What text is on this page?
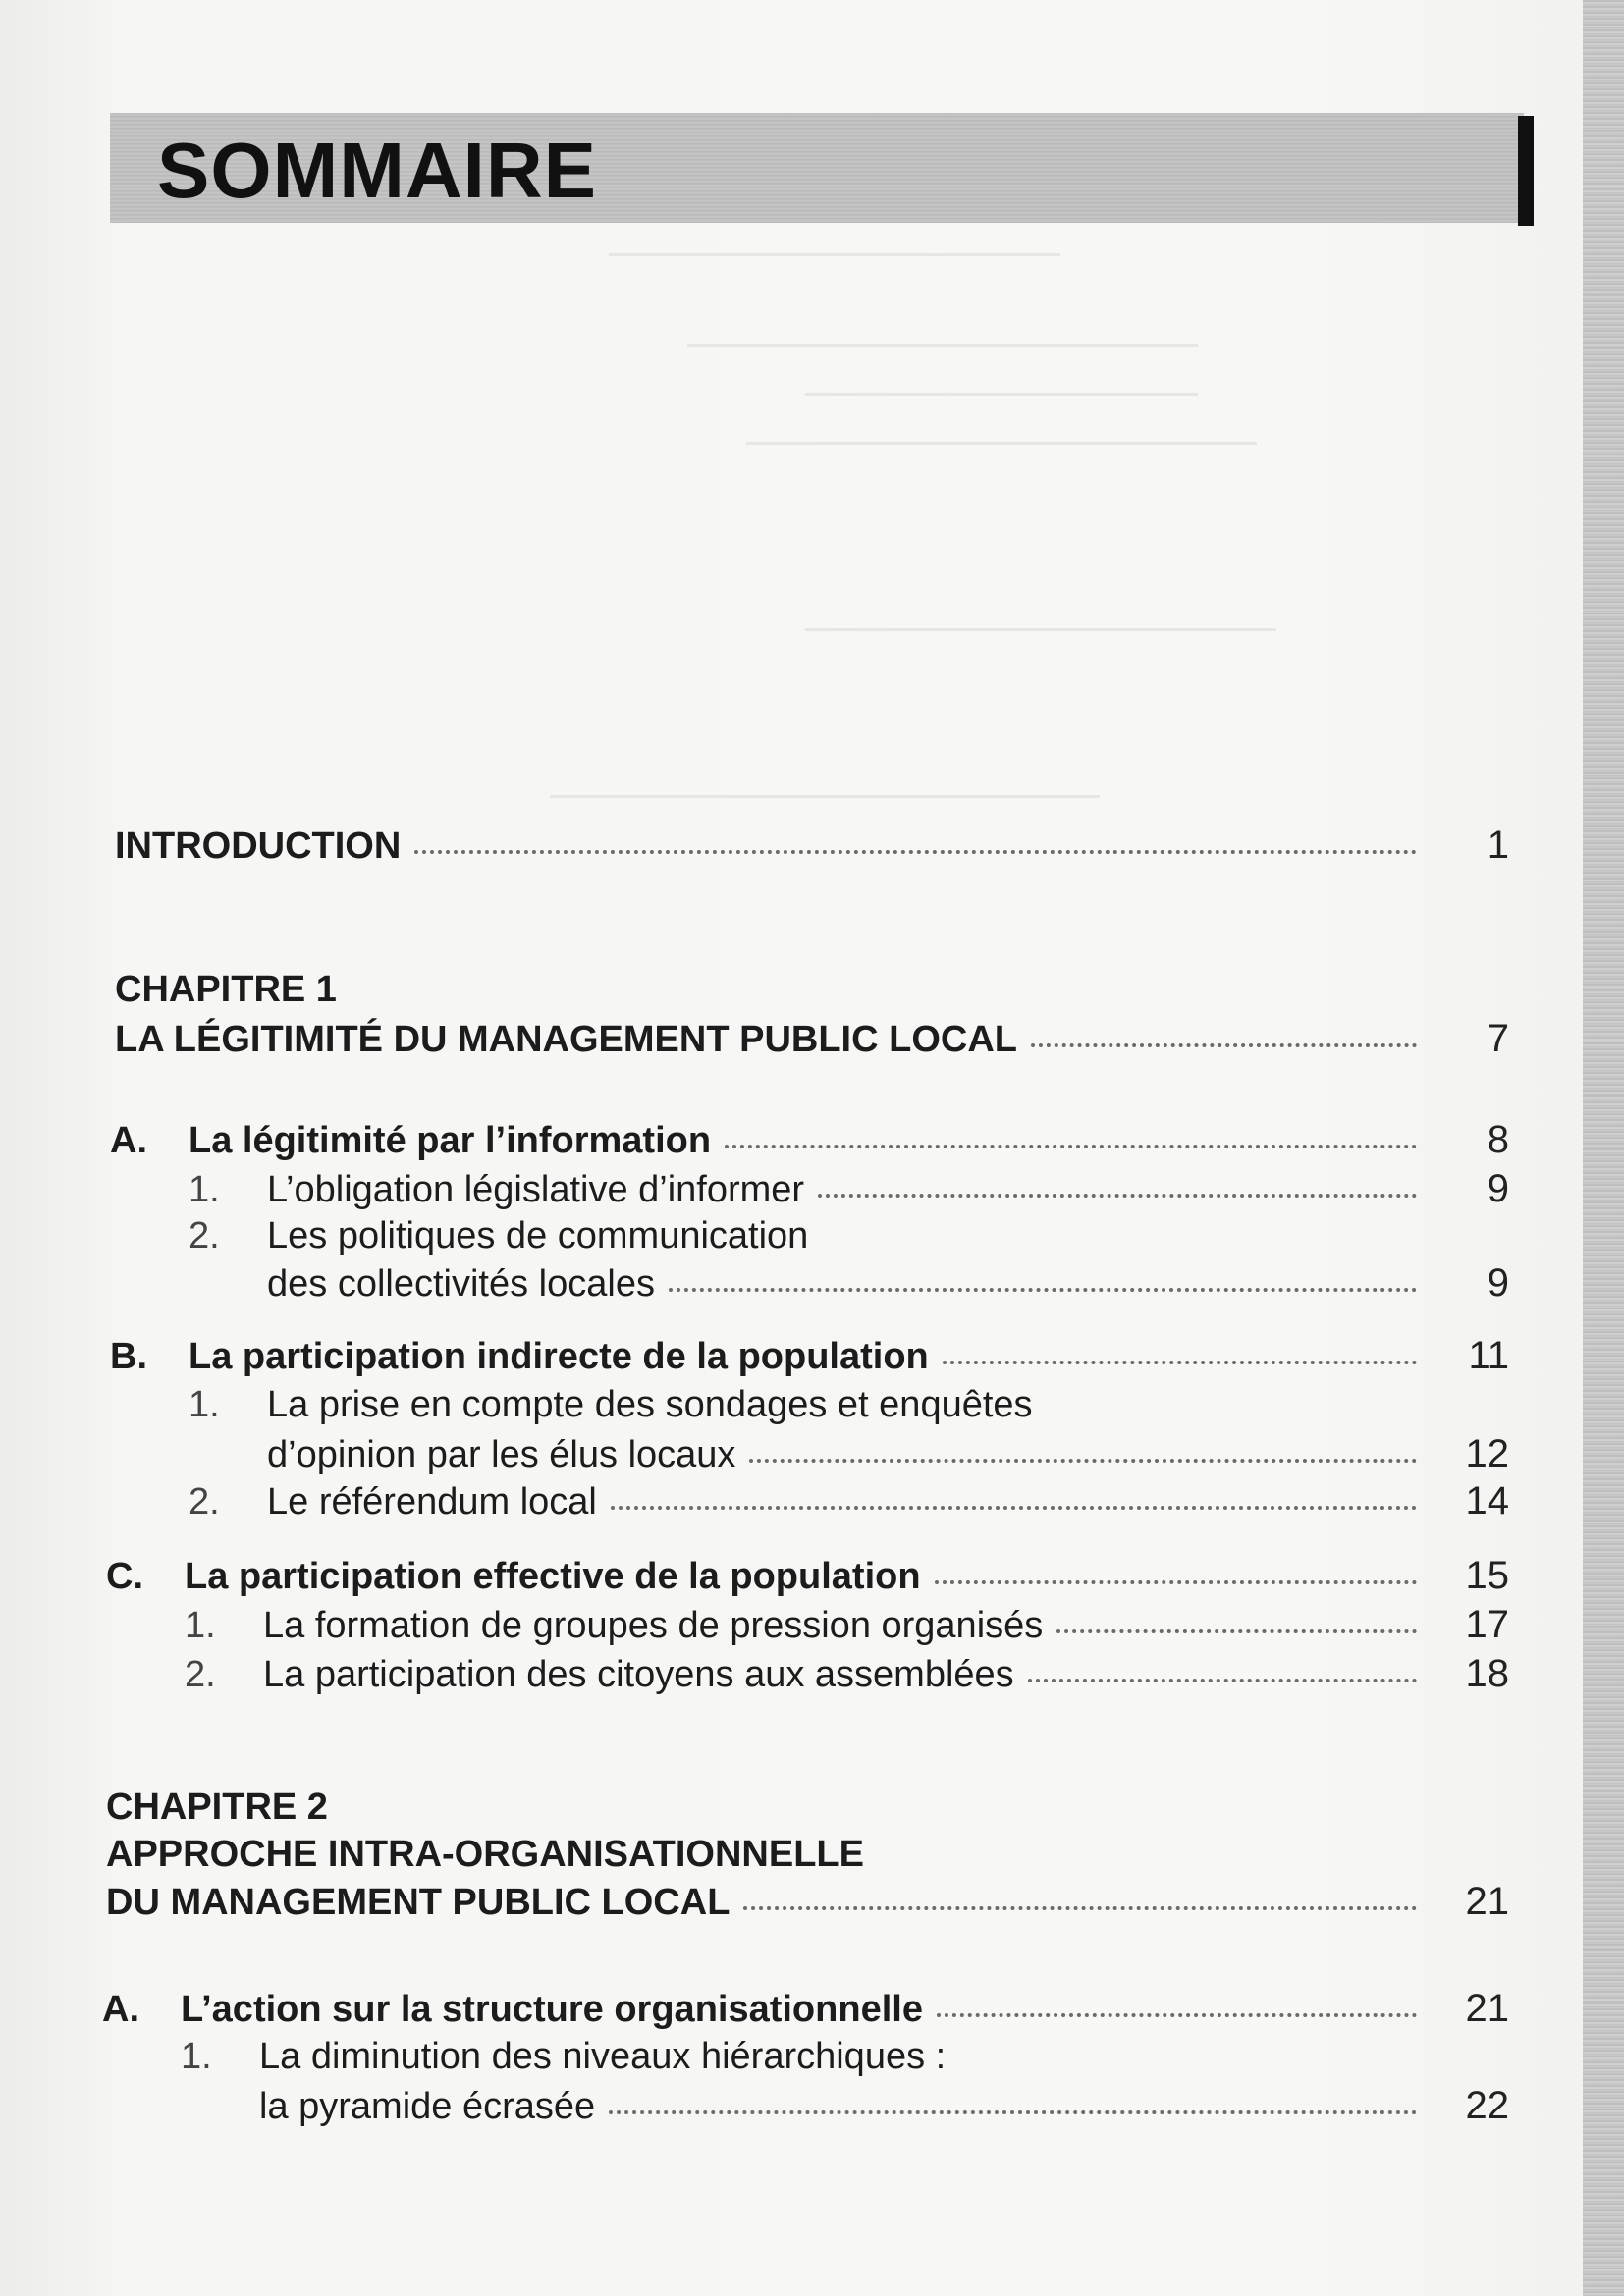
SOMMAIRE
INTRODUCTION	1
CHAPITRE 1
LA LÉGITIMITÉ DU MANAGEMENT PUBLIC LOCAL	7
A. La légitimité par l’information	8
1. L’obligation législative d’informer	9
2. Les politiques de communication
des collectivités locales	9
B. La participation indirecte de la population	11
1. La prise en compte des sondages et enquêtes
d’opinion par les élus locaux	12
2. Le référendum local	14
C. La participation effective de la population	15
1. La formation de groupes de pression organisés	17
2. La participation des citoyens aux assemblées	18
CHAPITRE 2
APPROCHE INTRA-ORGANISATIONNELLE
DU MANAGEMENT PUBLIC LOCAL	21
A. L’action sur la structure organisationnelle	21
1. La diminution des niveaux hiérarchiques :
la pyramide écrasée	22
